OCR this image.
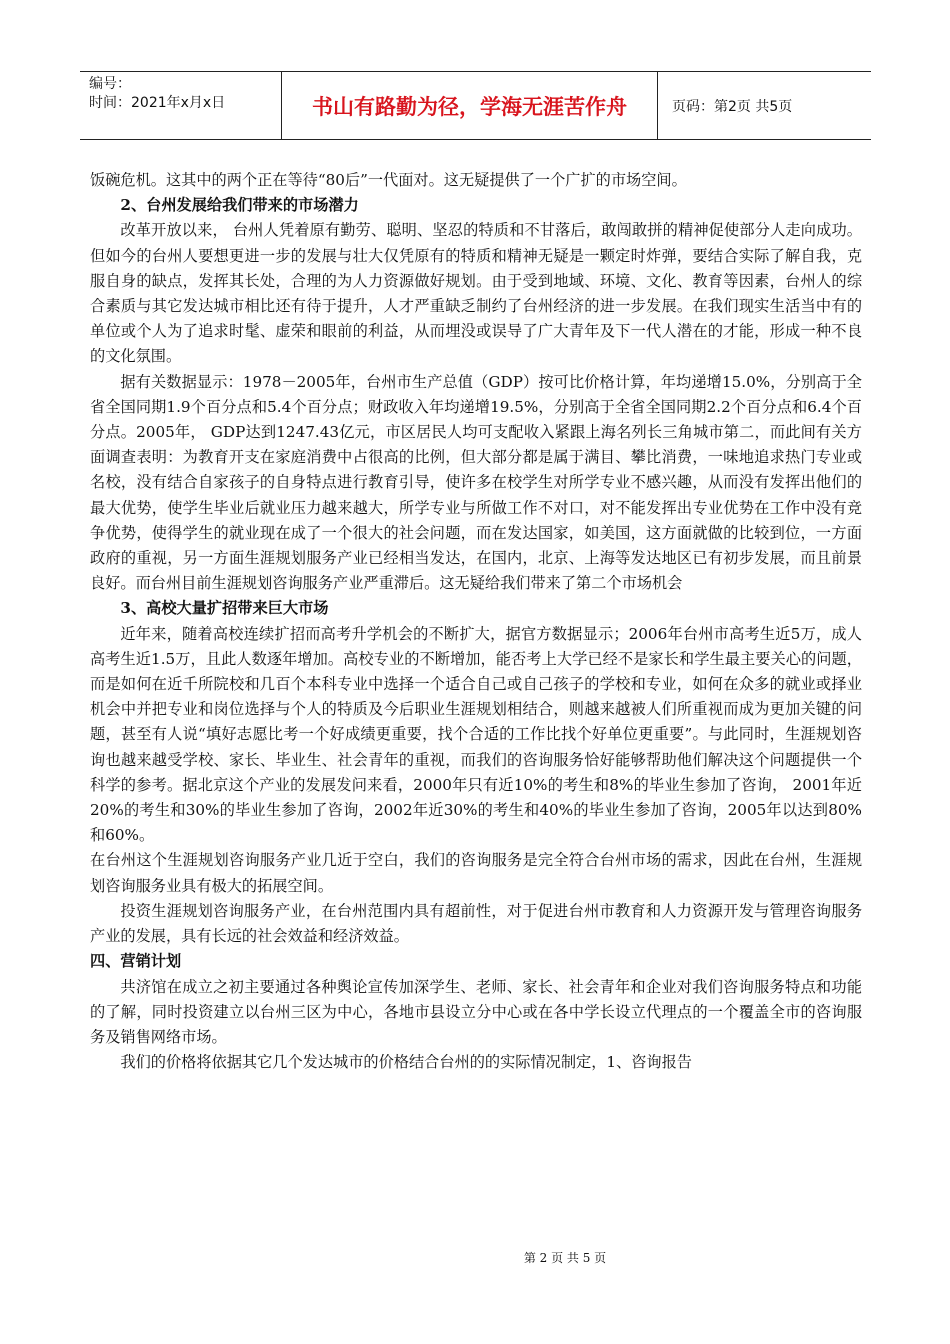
编号：
时间：2021年x月x日	书山有路勤为径，学海无涯苦作舟	页码：第2页 共5页

饭碗危机。这其中的两个正在等待“80后”一代面对。这无疑提供了一个广扩的市场空间。

2、台州发展给我们带来的市场潜力

改革开放以来， 台州人凭着原有勤劳、聪明、坚忍的特质和不甘落后，敢闯敢拼的精神促使部分人走向成功。但如今的台州人要想更进一步的发展与壮大仅凭原有的特质和精神无疑是一颗定时炸弹，要结合实际了解自我，克服自身的缺点，发挥其长处，合理的为人力资源做好规划。由于受到地域、环境、文化、教育等因素，台州人的综合素质与其它发达城市相比还有待于提升，人才严重缺乏制约了台州经济的进一步发展。在我们现实生活当中有的单位或个人为了追求时髦、虚荣和眼前的利益，从而埋没或误导了广大青年及下一代人潜在的才能，形成一种不良的文化氛围。

据有关数据显示：1978－2005年，台州市生产总值（GDP）按可比价格计算，年均递增15.0%，分别高于全省全国同期1.9个百分点和5.4个百分点；财政收入年均递增19.5%，分别高于全省全国同期2.2个百分点和6.4个百分点。2005年， GDP达到1247.43亿元，市区居民人均可支配收入紧跟上海名列长三角城市第二，而此间有关方面调查表明：为教育开支在家庭消费中占很高的比例，但大部分都是属于满目、攀比消费，一味地追求热门专业或名校，没有结合自家孩子的自身特点进行教育引导，使许多在校学生对所学专业不感兴趣，从而没有发挥出他们的最大优势，使学生毕业后就业压力越来越大，所学专业与所做工作不对口，对不能发挥出专业优势在工作中没有竞争优势，使得学生的就业现在成了一个很大的社会问题，而在发达国家，如美国，这方面就做的比较到位，一方面政府的重视，另一方面生涯规划服务产业已经相当发达，在国内，北京、上海等发达地区已有初步发展，而且前景良好。而台州目前生涯规划咨询服务产业严重滞后。这无疑给我们带来了第二个市场机会

3、高校大量扩招带来巨大市场

近年来，随着高校连续扩招而高考升学机会的不断扩大，据官方数据显示；2006年台州市高考生近5万，成人高考生近1.5万，且此人数逐年增加。高校专业的不断增加，能否考上大学已经不是家长和学生最主要关心的问题，而是如何在近千所院校和几百个本科专业中选择一个适合自己或自己孩子的学校和专业，如何在众多的就业或择业机会中并把专业和岗位选择与个人的特质及今后职业生涯规划相结合，则越来越被人们所重视而成为更加关键的问题，甚至有人说“填好志愿比考一个好成绩更重要，找个合适的工作比找个好单位更重要”。与此同时，生涯规划咨询也越来越受学校、家长、毕业生、社会青年的重视，而我们的咨询服务恰好能够帮助他们解决这个问题提供一个科学的参考。据北京这个产业的发展发问来看，2000年只有近10%的考生和8%的毕业生参加了咨询， 2001年近20%的考生和30%的毕业生参加了咨询，2002年近30%的考生和40%的毕业生参加了咨询，2005年以达到80%和60%。

在台州这个生涯规划咨询服务产业几近于空白，我们的咨询服务是完全符合台州市场的需求，因此在台州，生涯规划咨询服务业具有极大的拓展空间。

投资生涯规划咨询服务产业，在台州范围内具有超前性，对于促进台州市教育和人力资源开发与管理咨询服务产业的发展，具有长远的社会效益和经济效益。

四、营销计划

共济馆在成立之初主要通过各种舆论宣传加深学生、老师、家长、社会青年和企业对我们咨询服务特点和功能的了解，同时投资建立以台州三区为中心，各地市县设立分中心或在各中学长设立代理点的一个覆盖全市的咨询服务及销售网络市场。

我们的价格将依据其它几个发达城市的价格结合台州的的实际情况制定，1、咨询报告

第 2 页 共 5 页
